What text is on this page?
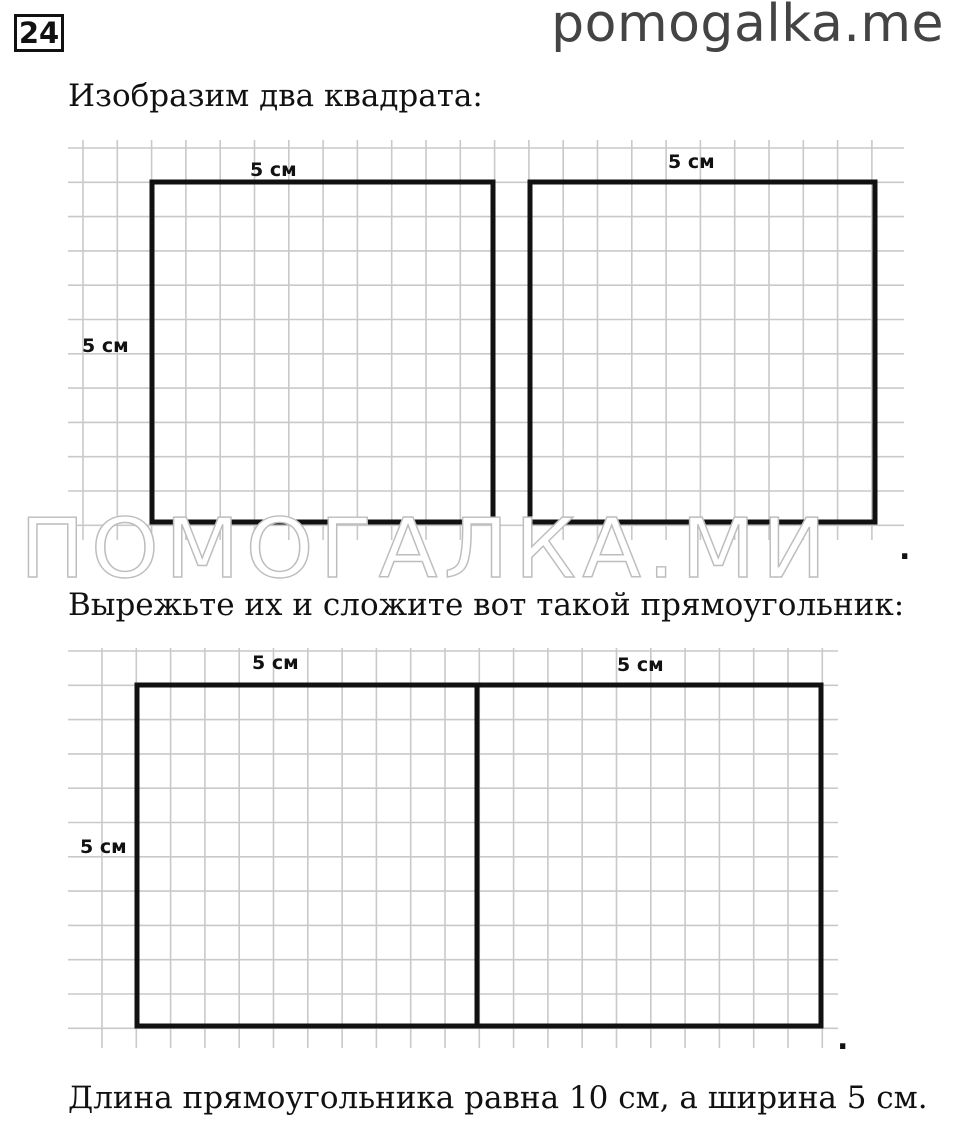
24	pomogalka.me
Изобразим два квадрата:
5 см
5 см
5 см
5 см	5 см
5 см
ПОМОГАЛКА.МИ .
.
Вырежьте их и сложите вот такой прямоугольник:
Длина прямоугольника равна 10 см, а ширина 5 см.
